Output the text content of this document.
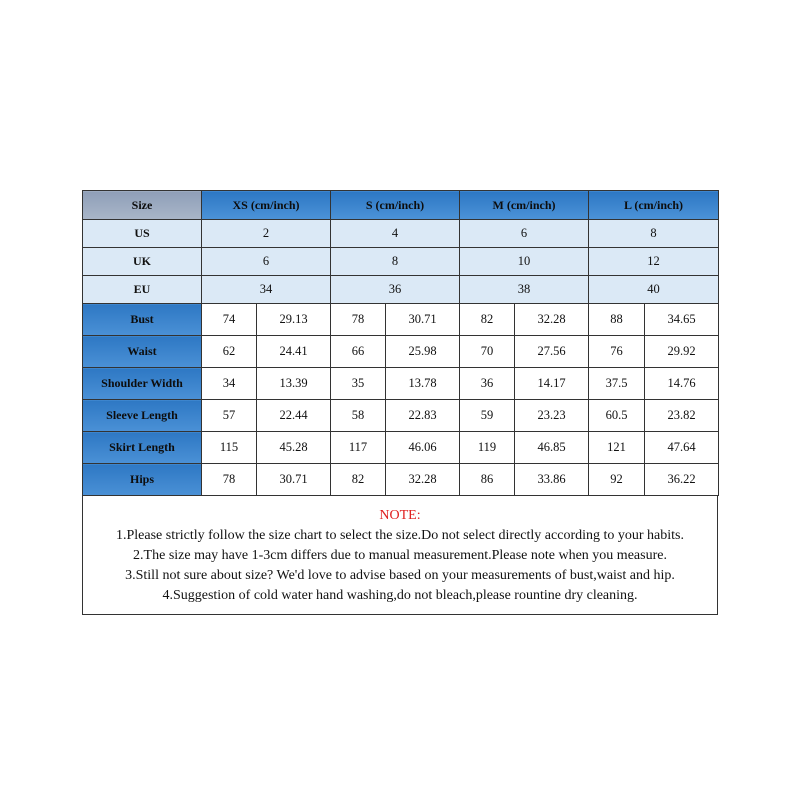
Size	XS (cm/inch)		S (cm/inch)		M (cm/inch)		L (cm/inch)	
US	2		4		6		8	
UK	6		8		10		12	
EU	34		36		38		40	
Bust	74	29.13	78	30.71	82	32.28	88	34.65
Waist	62	24.41	66	25.98	70	27.56	76	29.92
Shoulder Width	34	13.39	35	13.78	36	14.17	37.5	14.76
Sleeve Length	57	22.44	58	22.83	59	23.23	60.5	23.82
Skirt Length	115	45.28	117	46.06	119	46.85	121	47.64
Hips	78	30.71	82	32.28	86	33.86	92	36.22
NOTE:
1.Please strictly follow the size chart to select the size.Do not select directly according to your habits.
2.The size may have 1-3cm differs due to manual measurement.Please note when you measure.
3.Still not sure about size? We'd love to advise based on your measurements of bust,waist and hip.
4.Suggestion of cold water hand washing,do not bleach,please rountine dry cleaning.
